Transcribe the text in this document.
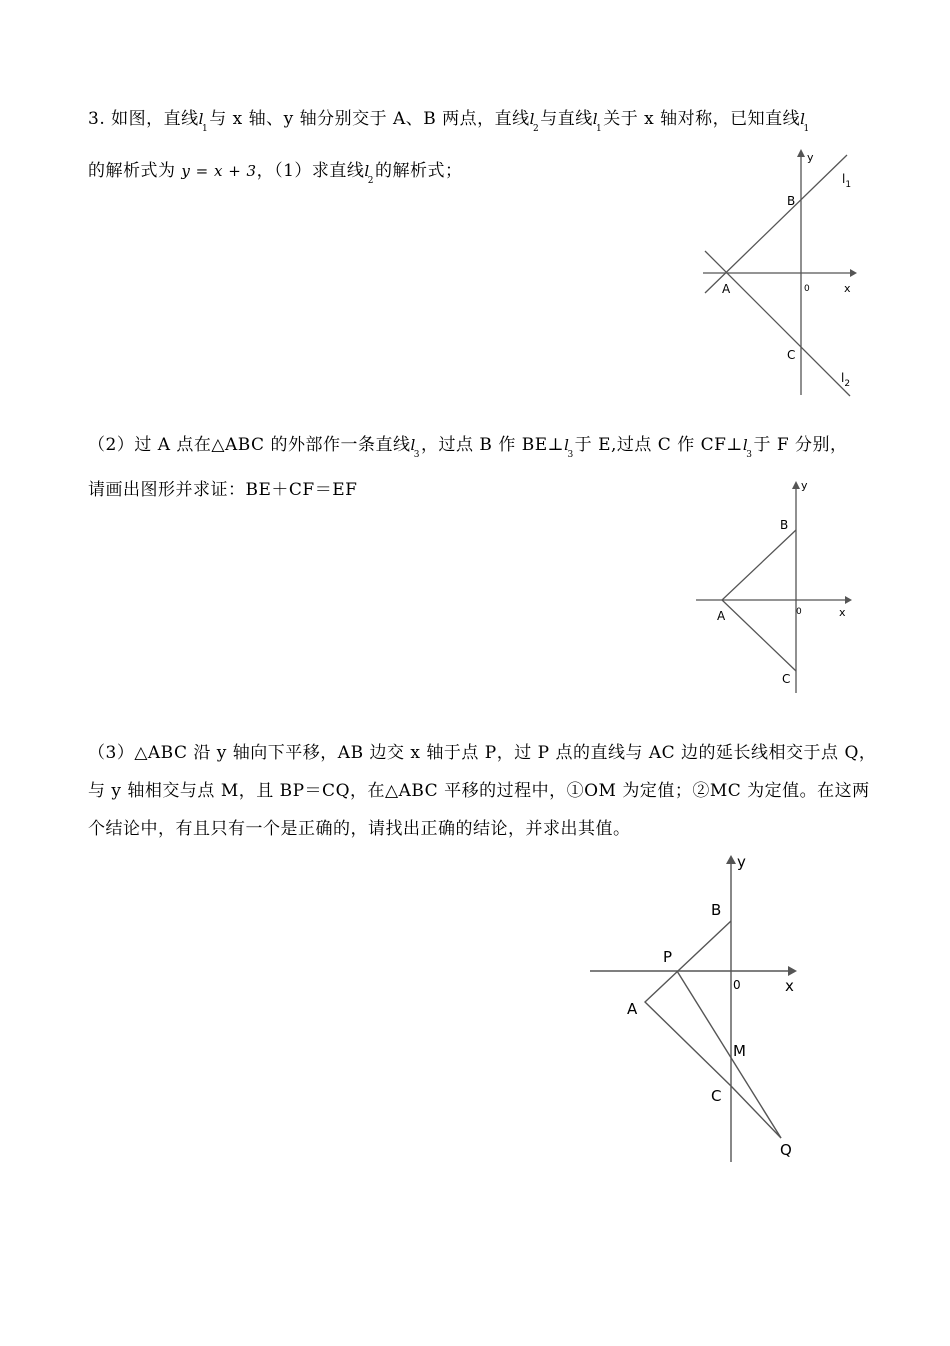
3. 如图，直线$l_1$与 x 轴、y 轴分别交于 A、B 两点，直线$l_2$与直线$l_1$关于 x 轴对称，已知直线$l_1$
的解析式为 y = x + 3，（1）求直线$l_2$的解析式；
（2）过 A 点在△ABC 的外部作一条直线$l_3$，过点 B 作 $BE\perp l_3$于 E,过点 C 作 $CF\perp l_3$于 F 分别，
请画出图形并求证：BE＋CF＝EF
（3）△ABC 沿 y 轴向下平移，AB 边交 x 轴于点 P，过 P 点的直线与 AC 边的延长线相交于点 Q，
与 y 轴相交与点 M，且 BP＝CQ，在△ABC 平移的过程中，①OM 为定值；②MC 为定值。在这两
个结论中，有且只有一个是正确的，请找出正确的结论，并求出其值。
y
x
0
A
B
C
$l_1$
$l_2$
y
x
0
A
B
C
y
x
0
A
B
C
P
M
Q
